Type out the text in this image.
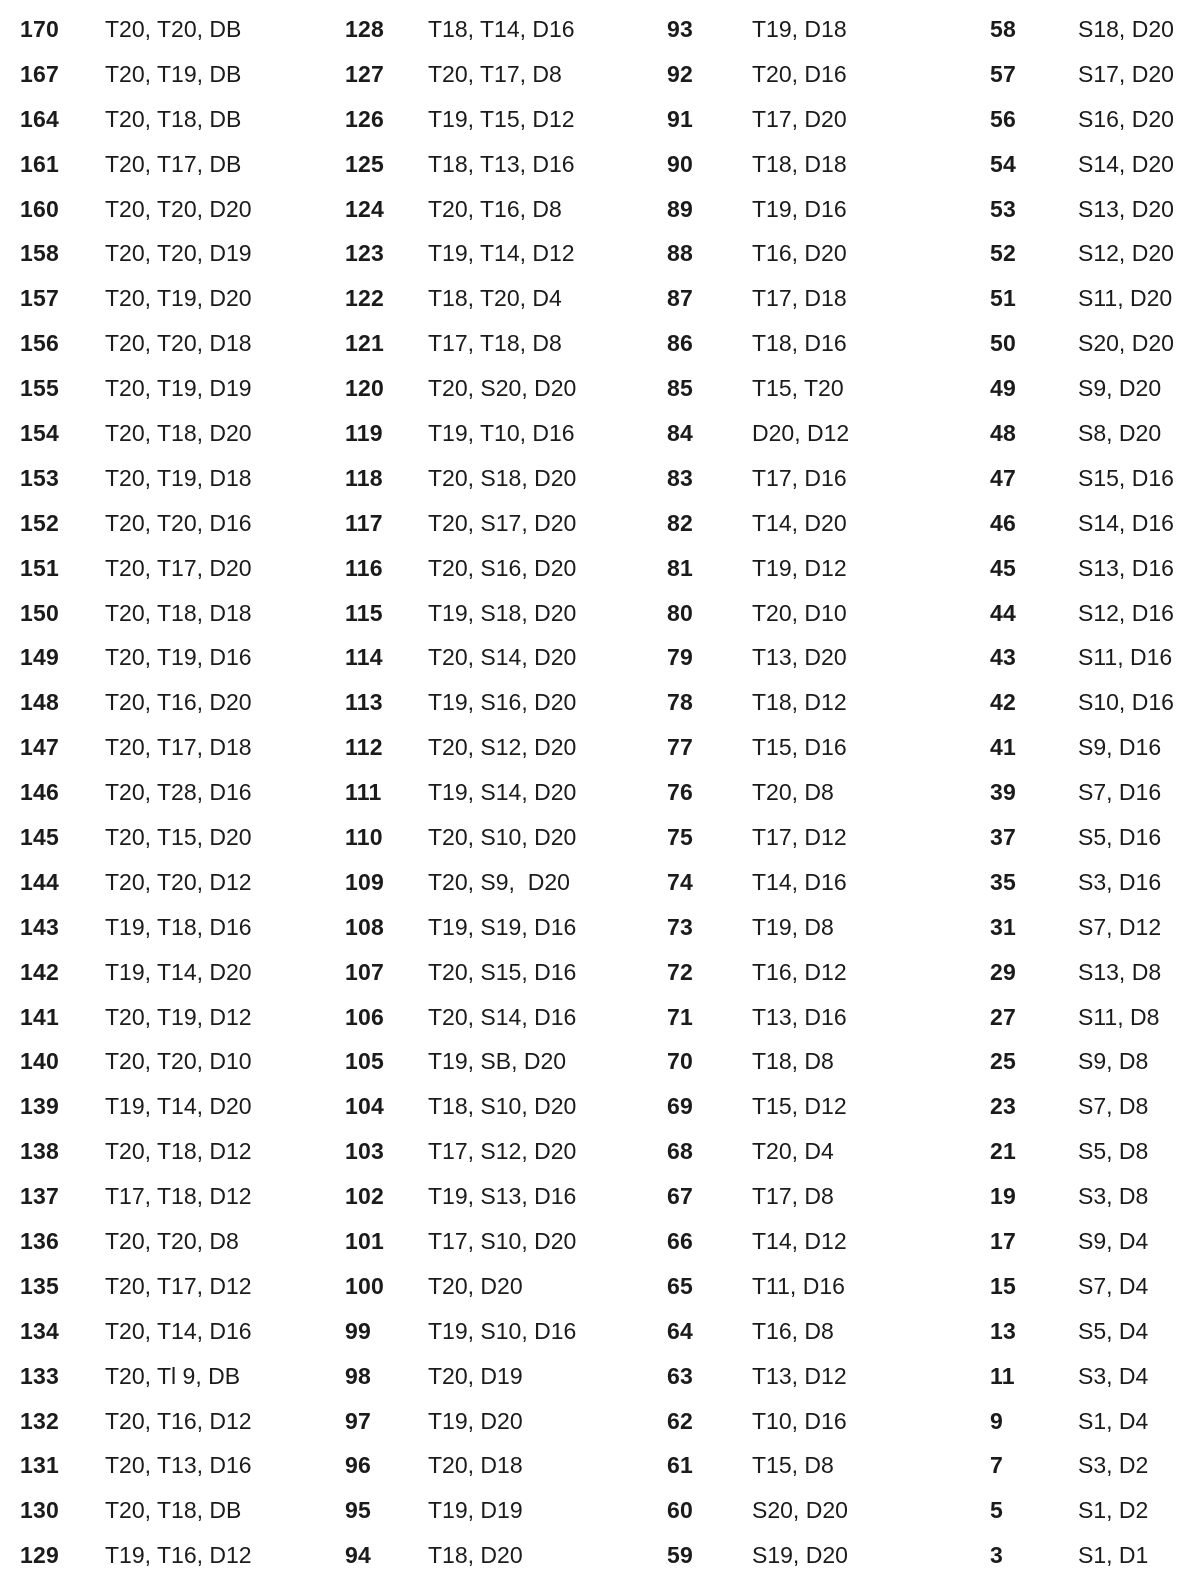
170	T20, T20, DB
167	T20, T19, DB
164	T20, T18, DB
161	T20, T17, DB
160	T20, T20, D20
158	T20, T20, D19
157	T20, T19, D20
156	T20, T20, D18
155	T20, T19, D19
154	T20, T18, D20
153	T20, T19, D18
152	T20, T20, D16
151	T20, T17, D20
150	T20, T18, D18
149	T20, T19, D16
148	T20, T16, D20
147	T20, T17, D18
146	T20, T28, D16
145	T20, T15, D20
144	T20, T20, D12
143	T19, T18, D16
142	T19, T14, D20
141	T20, T19, D12
140	T20, T20, D10
139	T19, T14, D20
138	T20, T18, D12
137	T17, T18, D12
136	T20, T20, D8
135	T20, T17, D12
134	T20, T14, D16
133	T20, Tl 9, DB
132	T20, T16, D12
131	T20, T13, D16
130	T20, T18, DB
129	T19, T16, D12
128	T18, T14, D16
127	T20, T17, D8
126	T19, T15, D12
125	T18, T13, D16
124	T20, T16, D8
123	T19, T14, D12
122	T18, T20, D4
121	T17, T18, D8
120	T20, S20, D20
119	T19, T10, D16
118	T20, S18, D20
117	T20, S17, D20
116	T20, S16, D20
115	T19, S18, D20
114	T20, S14, D20
113	T19, S16, D20
112	T20, S12, D20
111	T19, S14, D20
110	T20, S10, D20
109	T20, S9,  D20
108	T19, S19, D16
107	T20, S15, D16
106	T20, S14, D16
105	T19, SB, D20
104	T18, S10, D20
103	T17, S12, D20
102	T19, S13, D16
101	T17, S10, D20
100	T20, D20
99	T19, S10, D16
98	T20, D19
97	T19, D20
96	T20, D18
95	T19, D19
94	T18, D20
93	T19, D18
92	T20, D16
91	T17, D20
90	T18, D18
89	T19, D16
88	T16, D20
87	T17, D18
86	T18, D16
85	T15, T20
84	D20, D12
83	T17, D16
82	T14, D20
81	T19, D12
80	T20, D10
79	T13, D20
78	T18, D12
77	T15, D16
76	T20, D8
75	T17, D12
74	T14, D16
73	T19, D8
72	T16, D12
71	T13, D16
70	T18, D8
69	T15, D12
68	T20, D4
67	T17, D8
66	T14, D12
65	T11, D16
64	T16, D8
63	T13, D12
62	T10, D16
61	T15, D8
60	S20, D20
59	S19, D20
58	S18, D20
57	S17, D20
56	S16, D20
54	S14, D20
53	S13, D20
52	S12, D20
51	S11, D20
50	S20, D20
49	S9, D20
48	S8, D20
47	S15, D16
46	S14, D16
45	S13, D16
44	S12, D16
43	S11, D16
42	S10, D16
41	S9, D16
39	S7, D16
37	S5, D16
35	S3, D16
31	S7, D12
29	S13, D8
27	S11, D8
25	S9, D8
23	S7, D8
21	S5, D8
19	S3, D8
17	S9, D4
15	S7, D4
13	S5, D4
11	S3, D4
9	S1, D4
7	S3, D2
5	S1, D2
3	S1, D1
